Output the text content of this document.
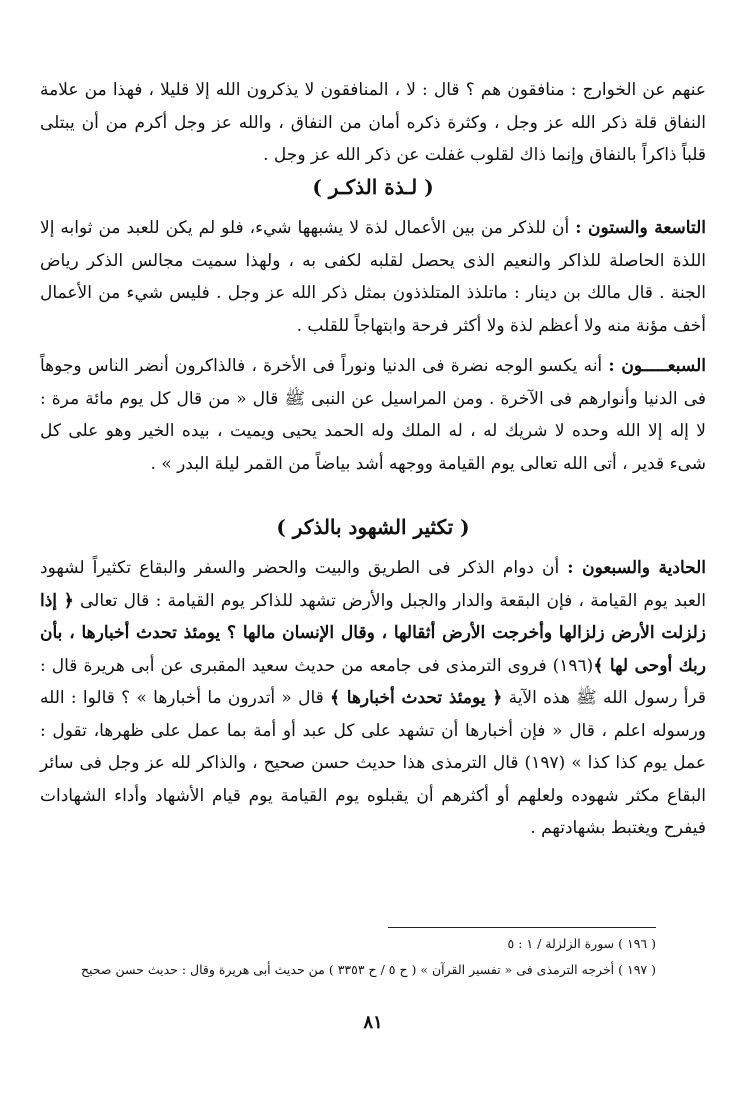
عنهم عن الخوارج : منافقون هم ؟ قال : لا ، المنافقون لا يذكرون الله إلا قليلا ، فهذا من علامة النفاق قلة ذكر الله عز وجل ، وكثرة ذكره أمان من النفاق ، والله عز وجل أكرم من أن يبتلى قلباً ذاكراً بالنفاق وإنما ذاك لقلوب غفلت عن ذكر الله عز وجل .
( لـذة الذكـر )
التاسعة والستون : أن للذكر من بين الأعمال لذة لا يشبهها شيء، فلو لم يكن للعبد من ثوابه إلا اللذة الحاصلة للذاكر والنعيم الذى يحصل لقلبه لكفى به ، ولهذا سميت مجالس الذكر رياض الجنة . قال مالك بن دينار : ماتلذذ المتلذذون بمثل ذكر الله عز وجل . فليس شيء من الأعمال أخف مؤنة منه ولا أعظم لذة ولا أكثر فرحة وابتهاجاً للقلب .
السبعـــــون : أنه يكسو الوجه نضرة فى الدنيا ونوراً فى الأخرة ، فالذاكرون أنضر الناس وجوهاً فى الدنيا وأنوارهم فى الآخرة . ومن المراسيل عن النبى ﷺ قال « من قال كل يوم مائة مرة : لا إله إلا الله وحده لا شريك له ، له الملك وله الحمد يحيى ويميت ، بيده الخير وهو على كل شىء قدير ، أتى الله تعالى يوم القيامة ووجهه أشد بياضاً من القمر ليلة البدر » .
( تكثير الشهود بالذكر )
الحادية والسبعون : أن دوام الذكر فى الطريق والبيت والحضر والسفر والبقاع تكثيراً لشهود العبد يوم القيامة ، فإن البقعة والدار والجبل والأرض تشهد للذاكر يوم القيامة : قال تعالى ﴿ إذا زلزلت الأرض زلزالها وأخرجت الأرض أثقالها ، وقال الإنسان مالها ؟ يومئذ تحدث أخبارها ، بأن ربك أوحى لها ﴾(١٩٦) فروى الترمذى فى جامعه من حديث سعيد المقبرى عن أبى هريرة قال : قرأ رسول الله ﷺ هذه الآية ﴿ يومئذ تحدث أخبارها ﴾ قال « أتدرون ما أخبارها » ؟ قالوا : الله ورسوله اعلم ، قال « فإن أخبارها أن تشهد على كل عبد أو أمة بما عمل على ظهرها، تقول : عمل يوم كذا كذا » (١٩٧) قال الترمذى هذا حديث حسن صحيح ، والذاكر لله عز وجل فى سائر البقاع مكثر شهوده ولعلهم أو أكثرهم أن يقبلوه يوم القيامة يوم قيام الأشهاد وأداء الشهادات فيفرح ويغتبط بشهادتهم .
( ١٩٦ ) سورة الزلزلة / ١ : ٥
( ١٩٧ ) أخرجه الترمذى فى « تفسير القرآن » ( ح ٥ / ح ٣٣٥٣ ) من حديث أبى هريرة وقال : حديث حسن صحيح
٨١
